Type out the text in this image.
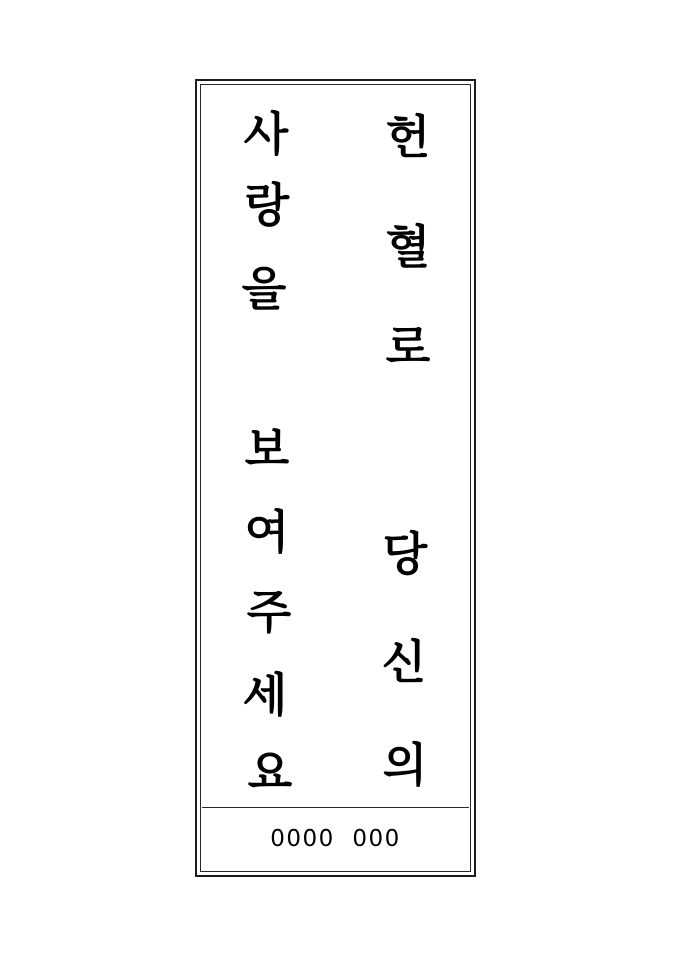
헌
혈
로
당
신
의
사
랑
을
보
여
주
세
요
0000  000
